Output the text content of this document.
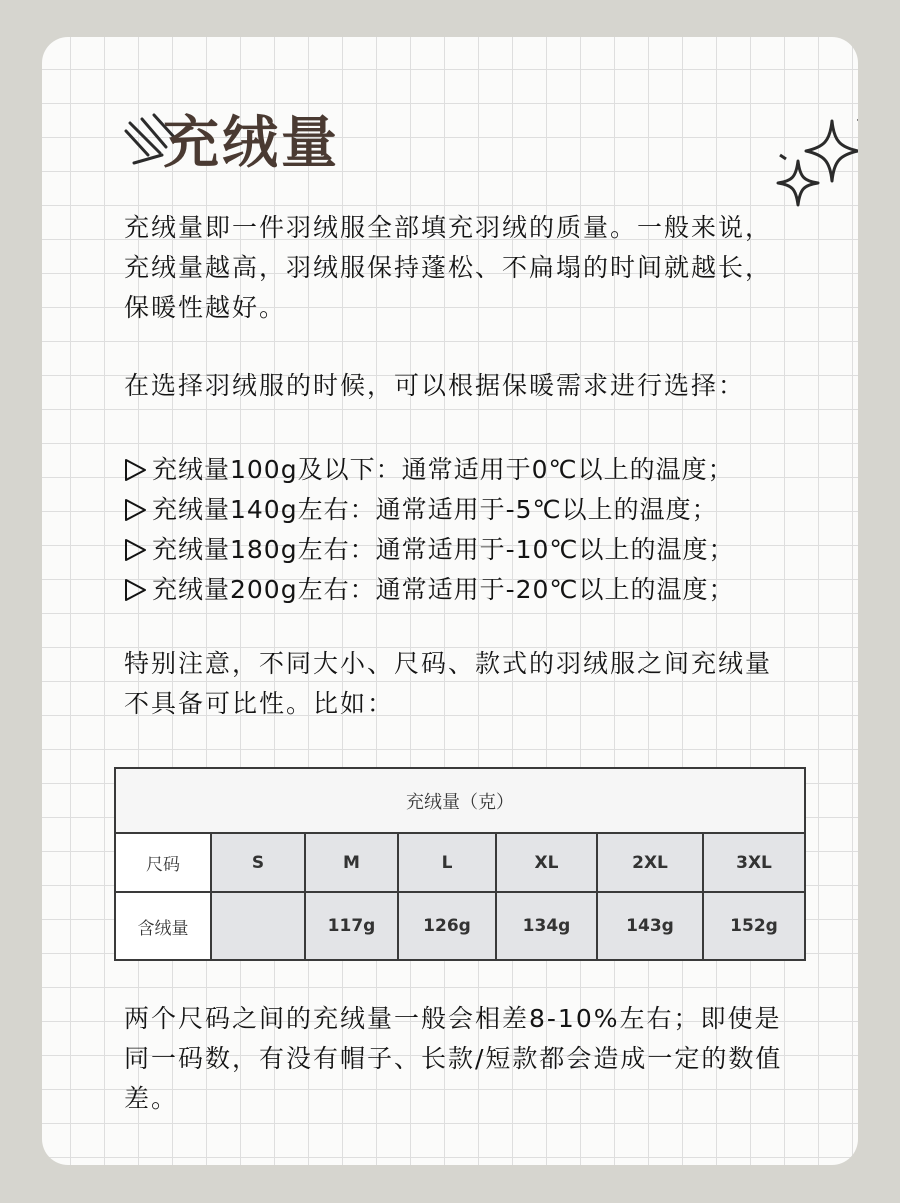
充绒量

充绒量即一件羽绒服全部填充羽绒的质量。一般来说，充绒量越高，羽绒服保持蓬松、不扁塌的时间就越长，保暖性越好。

在选择羽绒服的时候，可以根据保暖需求进行选择：

充绒量100g及以下：通常适用于0℃以上的温度；
充绒量140g左右：通常适用于-5℃以上的温度；
充绒量180g左右：通常适用于-10℃以上的温度；
充绒量200g左右：通常适用于-20℃以上的温度；

特别注意，不同大小、尺码、款式的羽绒服之间充绒量不具备可比性。比如：

充绒量（克）						
尺码	S	M	L	XL	2XL	3XL
含绒量		117g	126g	134g	143g	152g

两个尺码之间的充绒量一般会相差8-10%左右；即使是同一码数，有没有帽子、长款/短款都会造成一定的数值差。
